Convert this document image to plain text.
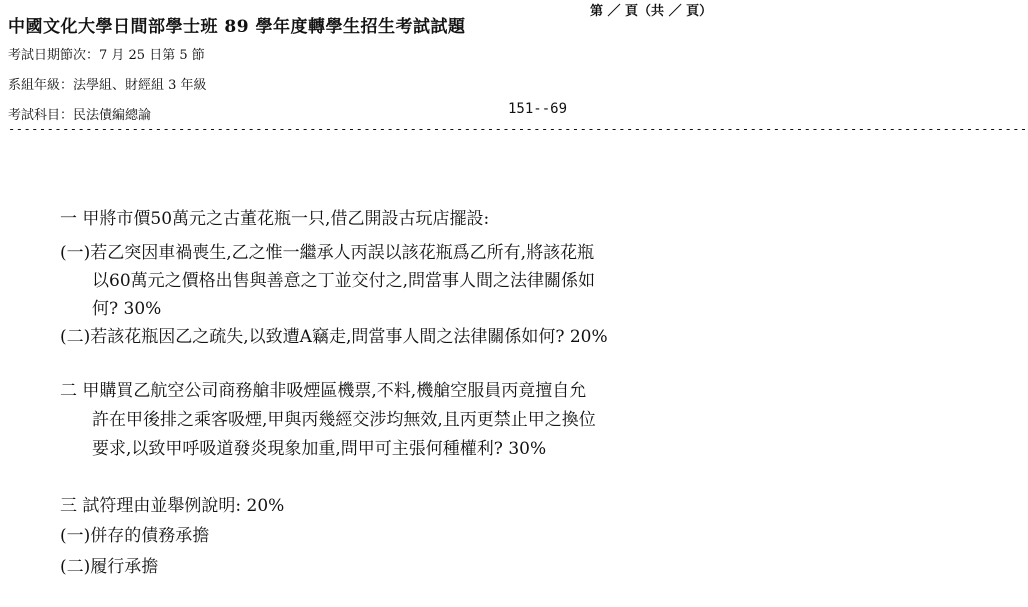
第 ／ 頁（共 ／ 頁）
中國文化大學日間部學士班 89 學年度轉學生招生考試試題
考試日期節次：7 月 25 日第 5 節
系組年級：法學組、財經組 3 年級
考試科目：民法債編總論	151--69
------------------------------------------------------------------------------------------------------------------------------------
一 甲將市價50萬元之古董花瓶一只,借乙開設古玩店擺設:
(一)若乙突因車禍喪生,乙之惟一繼承人丙誤以該花瓶爲乙所有,將該花瓶
以60萬元之價格出售與善意之丁並交付之,問當事人間之法律關係如
何? 30%
(二)若該花瓶因乙之疏失,以致遭A竊走,問當事人間之法律關係如何? 20%
二 甲購買乙航空公司商務艙非吸煙區機票,不料,機艙空服員丙竟擅自允
許在甲後排之乘客吸煙,甲與丙幾經交涉均無效,且丙更禁止甲之換位
要求,以致甲呼吸道發炎現象加重,問甲可主張何種權利? 30%
三 試符理由並舉例說明: 20%
(一)併存的債務承擔
(二)履行承擔
